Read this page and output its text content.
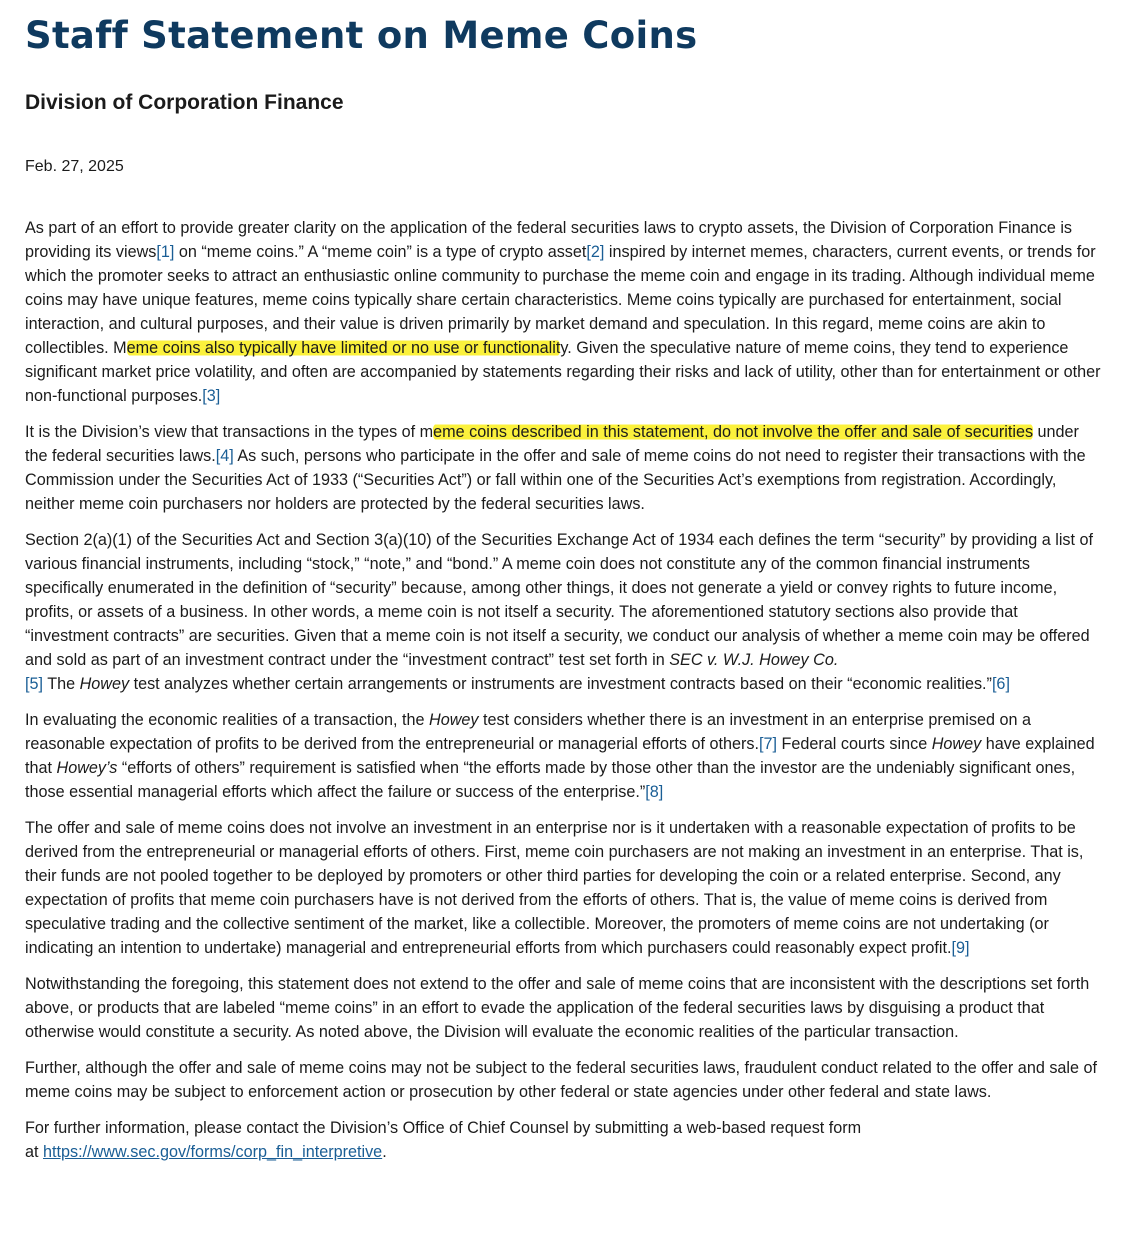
Staff Statement on Meme Coins
Division of Corporation Finance
Feb. 27, 2025

As part of an effort to provide greater clarity on the application of the federal securities laws to crypto assets, the Division of Corporation Finance is providing its views[1] on “meme coins.” A “meme coin” is a type of crypto asset[2] inspired by internet memes, characters, current events, or trends for which the promoter seeks to attract an enthusiastic online community to purchase the meme coin and engage in its trading. Although individual meme coins may have unique features, meme coins typically share certain characteristics. Meme coins typically are purchased for entertainment, social interaction, and cultural purposes, and their value is driven primarily by market demand and speculation. In this regard, meme coins are akin to collectibles. Meme coins also typically have limited or no use or functionality. Given the speculative nature of meme coins, they tend to experience significant market price volatility, and often are accompanied by statements regarding their risks and lack of utility, other than for entertainment or other non-functional purposes.[3]

It is the Division’s view that transactions in the types of meme coins described in this statement, do not involve the offer and sale of securities under the federal securities laws.[4] As such, persons who participate in the offer and sale of meme coins do not need to register their transactions with the Commission under the Securities Act of 1933 (“Securities Act”) or fall within one of the Securities Act’s exemptions from registration. Accordingly, neither meme coin purchasers nor holders are protected by the federal securities laws.

Section 2(a)(1) of the Securities Act and Section 3(a)(10) of the Securities Exchange Act of 1934 each defines the term “security” by providing a list of various financial instruments, including “stock,” “note,” and “bond.” A meme coin does not constitute any of the common financial instruments specifically enumerated in the definition of “security” because, among other things, it does not generate a yield or convey rights to future income, profits, or assets of a business. In other words, a meme coin is not itself a security. The aforementioned statutory sections also provide that “investment contracts” are securities. Given that a meme coin is not itself a security, we conduct our analysis of whether a meme coin may be offered and sold as part of an investment contract under the “investment contract” test set forth in SEC v. W.J. Howey Co.
[5] The Howey test analyzes whether certain arrangements or instruments are investment contracts based on their “economic realities.”[6]

In evaluating the economic realities of a transaction, the Howey test considers whether there is an investment in an enterprise premised on a reasonable expectation of profits to be derived from the entrepreneurial or managerial efforts of others.[7] Federal courts since Howey have explained that Howey’s “efforts of others” requirement is satisfied when “the efforts made by those other than the investor are the undeniably significant ones, those essential managerial efforts which affect the failure or success of the enterprise.”[8]

The offer and sale of meme coins does not involve an investment in an enterprise nor is it undertaken with a reasonable expectation of profits to be derived from the entrepreneurial or managerial efforts of others. First, meme coin purchasers are not making an investment in an enterprise. That is, their funds are not pooled together to be deployed by promoters or other third parties for developing the coin or a related enterprise. Second, any expectation of profits that meme coin purchasers have is not derived from the efforts of others. That is, the value of meme coins is derived from speculative trading and the collective sentiment of the market, like a collectible. Moreover, the promoters of meme coins are not undertaking (or indicating an intention to undertake) managerial and entrepreneurial efforts from which purchasers could reasonably expect profit.[9]

Notwithstanding the foregoing, this statement does not extend to the offer and sale of meme coins that are inconsistent with the descriptions set forth above, or products that are labeled “meme coins” in an effort to evade the application of the federal securities laws by disguising a product that otherwise would constitute a security. As noted above, the Division will evaluate the economic realities of the particular transaction.

Further, although the offer and sale of meme coins may not be subject to the federal securities laws, fraudulent conduct related to the offer and sale of meme coins may be subject to enforcement action or prosecution by other federal or state agencies under other federal and state laws.

For further information, please contact the Division’s Office of Chief Counsel by submitting a web-based request form
at https://www.sec.gov/forms/corp_fin_interpretive.
